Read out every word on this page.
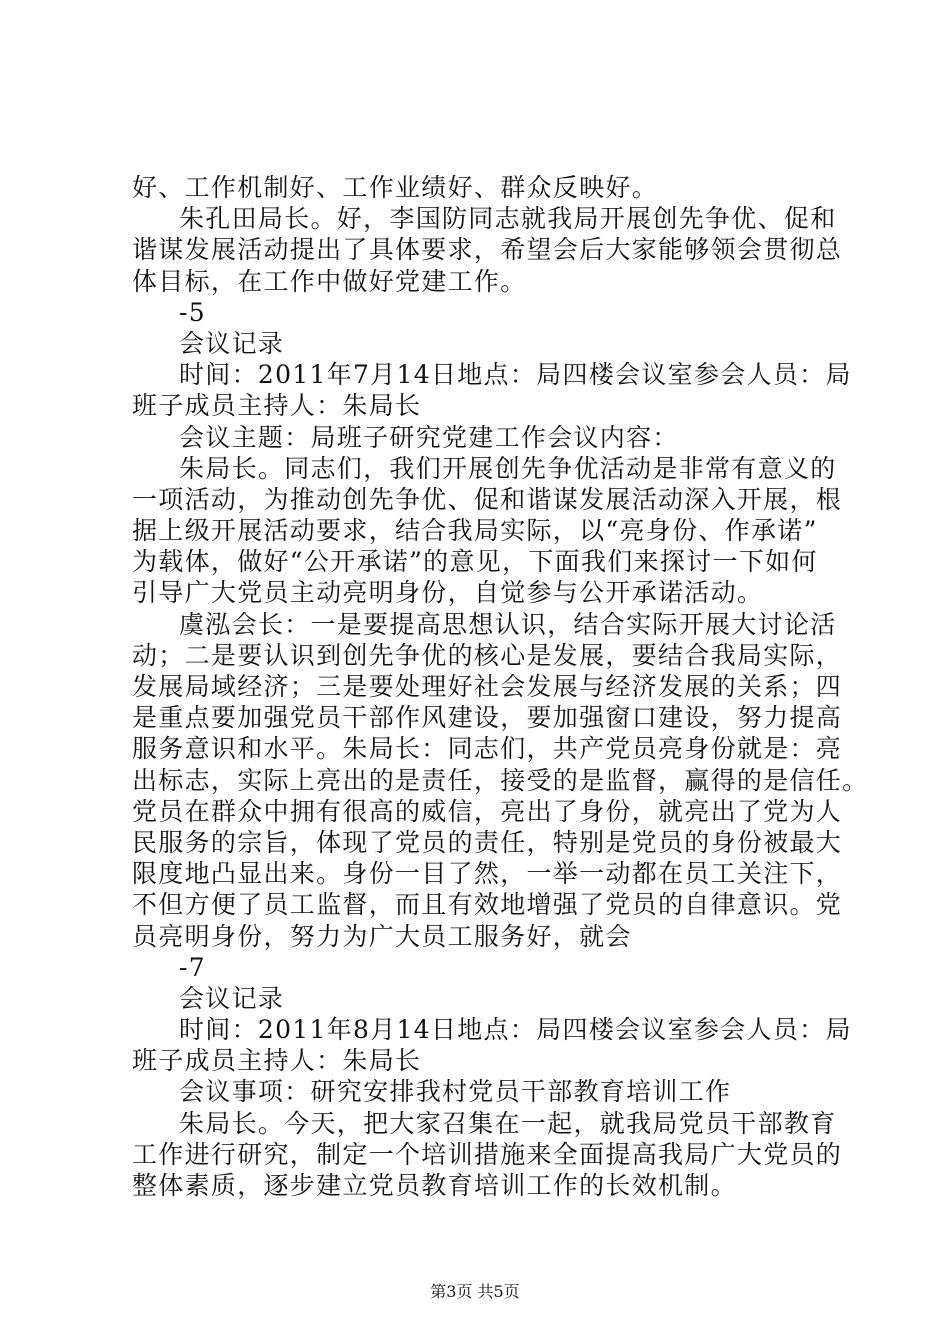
好、工作机制好、工作业绩好、群众反映好。
朱孔田局长。好，李国防同志就我局开展创先争优、促和
谐谋发展活动提出了具体要求，希望会后大家能够领会贯彻总
体目标，在工作中做好党建工作。
-5
会议记录
时间：2011年7月14日地点：局四楼会议室参会人员：局
班子成员主持人：朱局长
会议主题：局班子研究党建工作会议内容：
朱局长。同志们，我们开展创先争优活动是非常有意义的
一项活动，为推动创先争优、促和谐谋发展活动深入开展，根
据上级开展活动要求，结合我局实际，以“亮身份、作承诺”
为载体，做好“公开承诺”的意见，下面我们来探讨一下如何
引导广大党员主动亮明身份，自觉参与公开承诺活动。
虞泓会长：一是要提高思想认识，结合实际开展大讨论活
动；二是要认识到创先争优的核心是发展，要结合我局实际，
发展局域经济；三是要处理好社会发展与经济发展的关系；四
是重点要加强党员干部作风建设，要加强窗口建设，努力提高
服务意识和水平。朱局长：同志们，共产党员亮身份就是：亮
出标志，实际上亮出的是责任，接受的是监督，赢得的是信任。
党员在群众中拥有很高的威信，亮出了身份，就亮出了党为人
民服务的宗旨，体现了党员的责任，特别是党员的身份被最大
限度地凸显出来。身份一目了然，一举一动都在员工关注下，
不但方便了员工监督，而且有效地增强了党员的自律意识。党
员亮明身份，努力为广大员工服务好，就会
-7
会议记录
时间：2011年8月14日地点：局四楼会议室参会人员：局
班子成员主持人：朱局长
会议事项：研究安排我村党员干部教育培训工作
朱局长。今天，把大家召集在一起，就我局党员干部教育
工作进行研究，制定一个培训措施来全面提高我局广大党员的
整体素质，逐步建立党员教育培训工作的长效机制。
第3页 共5页
